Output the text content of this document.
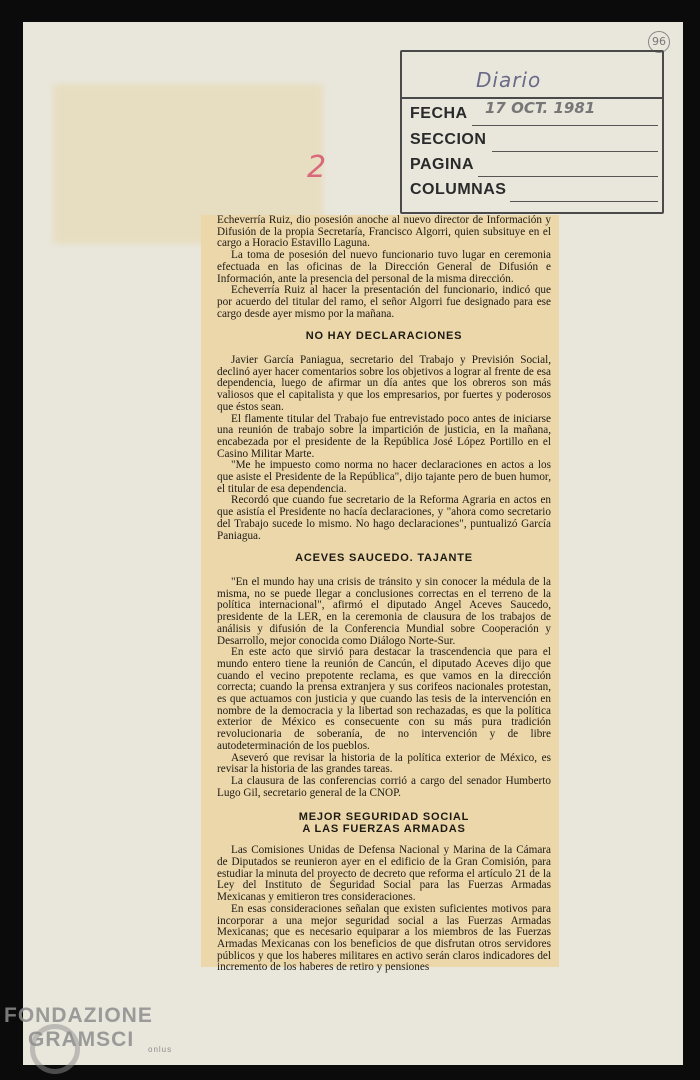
96
Diario
FECHA 17 OCT. 1981
SECCION
PAGINA
COLUMNAS
2

Echeverría Ruiz, dio posesión anoche al nuevo director de Información y Difusión de la propia Secretaría, Francisco Algorri, quien subsituye en el cargo a Horacio Estavillo Laguna.

La toma de posesión del nuevo funcionario tuvo lugar en ceremonia efectuada en las oficinas de la Dirección General de Difusión e Información, ante la presencia del personal de la misma dirección.

Echeverría Ruiz al hacer la presentación del funcionario, indicó que por acuerdo del titular del ramo, el señor Algorri fue designado para ese cargo desde ayer mismo por la mañana.

NO HAY DECLARACIONES

Javier García Paniagua, secretario del Trabajo y Previsión Social, declinó ayer hacer comentarios sobre los objetivos a lograr al frente de esa dependencia, luego de afirmar un día antes que los obreros son más valiosos que el capitalista y que los empresarios, por fuertes y poderosos que éstos sean.

El flamente titular del Trabajo fue entrevistado poco antes de iniciarse una reunión de trabajo sobre la impartición de justicia, en la mañana, encabezada por el presidente de la República José López Portillo en el Casino Militar Marte.

"Me he impuesto como norma no hacer declaraciones en actos a los que asiste el Presidente de la República", dijo tajante pero de buen humor, el titular de esa dependencia.

Recordó que cuando fue secretario de la Reforma Agraria en actos en que asistía el Presidente no hacía declaraciones, y "ahora como secretario del Trabajo sucede lo mismo. No hago declaraciones", puntualizó García Paniagua.

ACEVES SAUCEDO. TAJANTE

"En el mundo hay una crisis de tránsito y sin conocer la médula de la misma, no se puede llegar a conclusiones correctas en el terreno de la política internacional", afirmó el diputado Angel Aceves Saucedo, presidente de la LER, en la ceremonia de clausura de los trabajos de análisis y difusión de la Conferencia Mundial sobre Cooperación y Desarrollo, mejor conocida como Diálogo Norte-Sur.

En este acto que sirvió para destacar la trascendencia que para el mundo entero tiene la reunión de Cancún, el diputado Aceves dijo que cuando el vecino prepotente reclama, es que vamos en la dirección correcta; cuando la prensa extranjera y sus corifeos nacionales protestan, es que actuamos con justicia y que cuando las tesis de la intervención en nombre de la democracia y la libertad son rechazadas, es que la política exterior de México es consecuente con su más pura tradición revolucionaria de soberanía, de no intervención y de libre autodeterminación de los pueblos.

Aseveró que revisar la historia de la política exterior de México, es revisar la historia de las grandes tareas.

La clausura de las conferencias corrió a cargo del senador Humberto Lugo Gil, secretario general de la CNOP.

MEJOR SEGURIDAD SOCIAL
A LAS FUERZAS ARMADAS

Las Comisiones Unidas de Defensa Nacional y Marina de la Cámara de Diputados se reunieron ayer en el edificio de la Gran Comisión, para estudiar la minuta del proyecto de decreto que reforma el artículo 21 de la Ley del Instituto de Seguridad Social para las Fuerzas Armadas Mexicanas y emitieron tres consideraciones.

En esas consideraciones señalan que existen suficientes motivos para incorporar a una mejor seguridad social a las Fuerzas Armadas Mexicanas; que es necesario equiparar a los miembros de las Fuerzas Armadas Mexicanas con los beneficios de que disfrutan otros servidores públicos y que los haberes militares en activo serán claros indicadores del incremento de los haberes de retiro y pensiones

FONDAZIONE
GRAMSCI onlus
